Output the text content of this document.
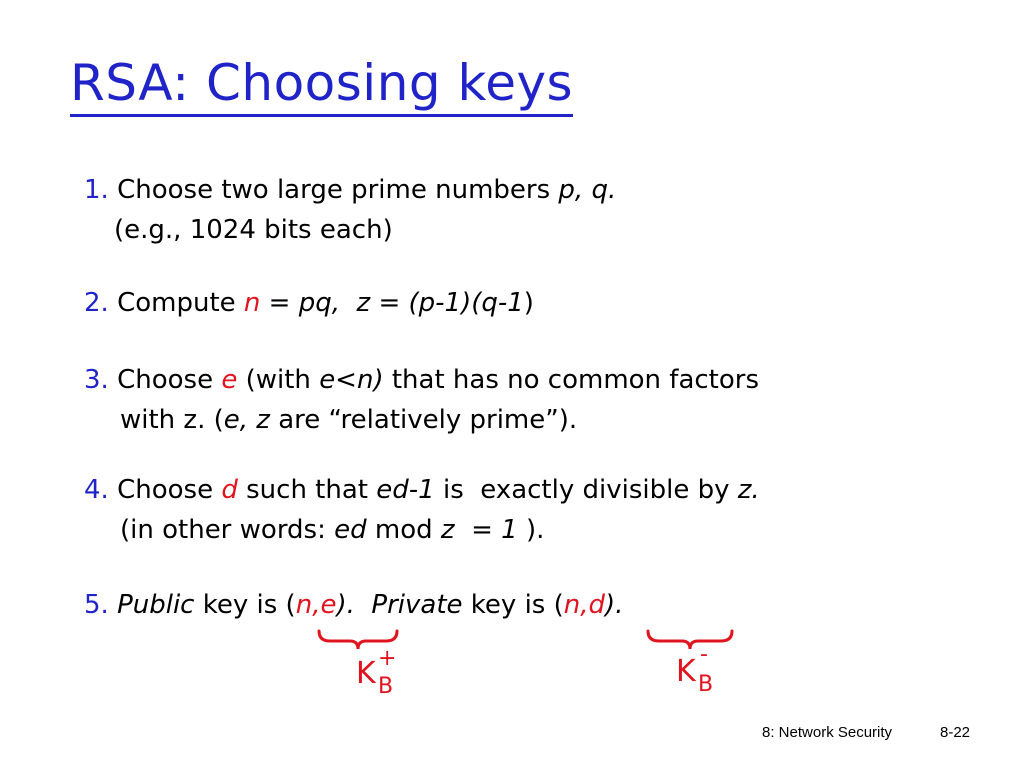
RSA: Choosing keys
1. Choose two large prime numbers p, q.
(e.g., 1024 bits each)
2. Compute n = pq, z = (p-1)(q-1)
3. Choose e (with e<n) that has no common factors
with z. (e, z are “relatively prime”).
4. Choose d such that ed-1 is  exactly divisible by z.
(in other words: ed mod z  = 1 ).
5. Public key is (n,e). Private key is (n,d).
K +
B	K -
B
8: Network Security	8-22
